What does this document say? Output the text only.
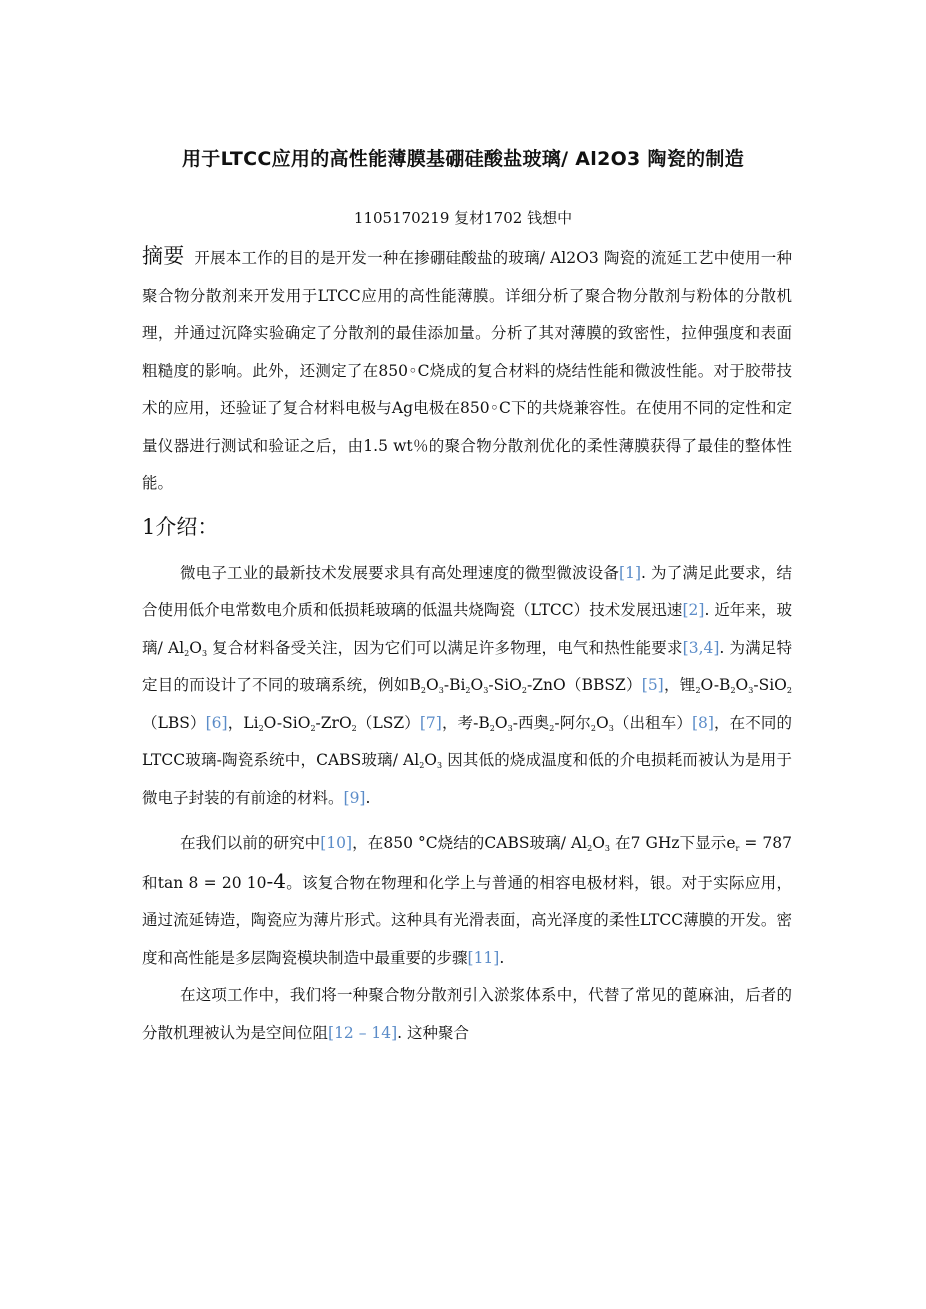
用于LTCC应用的高性能薄膜基硼硅酸盐玻璃/ Al2O3 陶瓷的制造
1105170219 复材1702 钱想中

摘要 开展本工作的目的是开发一种在掺硼硅酸盐的玻璃/ Al2O3 陶瓷的流延工艺中使用一种聚合物分散剂来开发用于LTCC应用的高性能薄膜。详细分析了聚合物分散剂与粉体的分散机理，并通过沉降实验确定了分散剂的最佳添加量。分析了其对薄膜的致密性，拉伸强度和表面粗糙度的影响。此外，还测定了在850◦C烧成的复合材料的烧结性能和微波性能。对于胶带技术的应用，还验证了复合材料电极与Ag电极在850◦C下的共烧兼容性。在使用不同的定性和定量仪器进行测试和验证之后，由1.5 wt％的聚合物分散剂优化的柔性薄膜获得了最佳的整体性能。

1介绍：

微电子工业的最新技术发展要求具有高处理速度的微型微波设备[1]. 为了满足此要求，结合使用低介电常数电介质和低损耗玻璃的低温共烧陶瓷（LTCC）技术发展迅速[2]. 近年来，玻璃/ $Al_2O_3$ 复合材料备受关注，因为它们可以满足许多物理，电气和热性能要求[3,4]. 为满足特定目的而设计了不同的玻璃系统，例如$B_2O_3-Bi_2O_3-SiO_2-ZnO(BBSZ)[5]$，锂$_2O-B_2O_3-SiO_2(LBS)[6]$，$Li_2O-SiO_2-ZrO_2(LSZ)[7]$，考$-B_2O_3-$西奥$_2$-阿尔$_2O_3$（出租车）[8]，在不同的LTCC玻璃-陶瓷系统中，CABS玻璃/ $Al_2O_3$ 因其低的烧成温度和低的介电损耗而被认为是用于微电子封装的有前途的材料。[9].

在我们以前的研究中[10]，在850 °C烧结的CABS玻璃/ $Al_2O_3$ 在7 GHz下显示$e_r = 787$和tan 8 = 20 10-4。该复合物在物理和化学上与普通的相容电极材料，银。对于实际应用，通过流延铸造，陶瓷应为薄片形式。这种具有光滑表面，高光泽度的柔性LTCC薄膜的开发。密度和高性能是多层陶瓷模块制造中最重要的步骤[11].

在这项工作中，我们将一种聚合物分散剂引入淤浆体系中，代替了常见的蓖麻油，后者的分散机理被认为是空间位阻[12 – 14]. 这种聚合
